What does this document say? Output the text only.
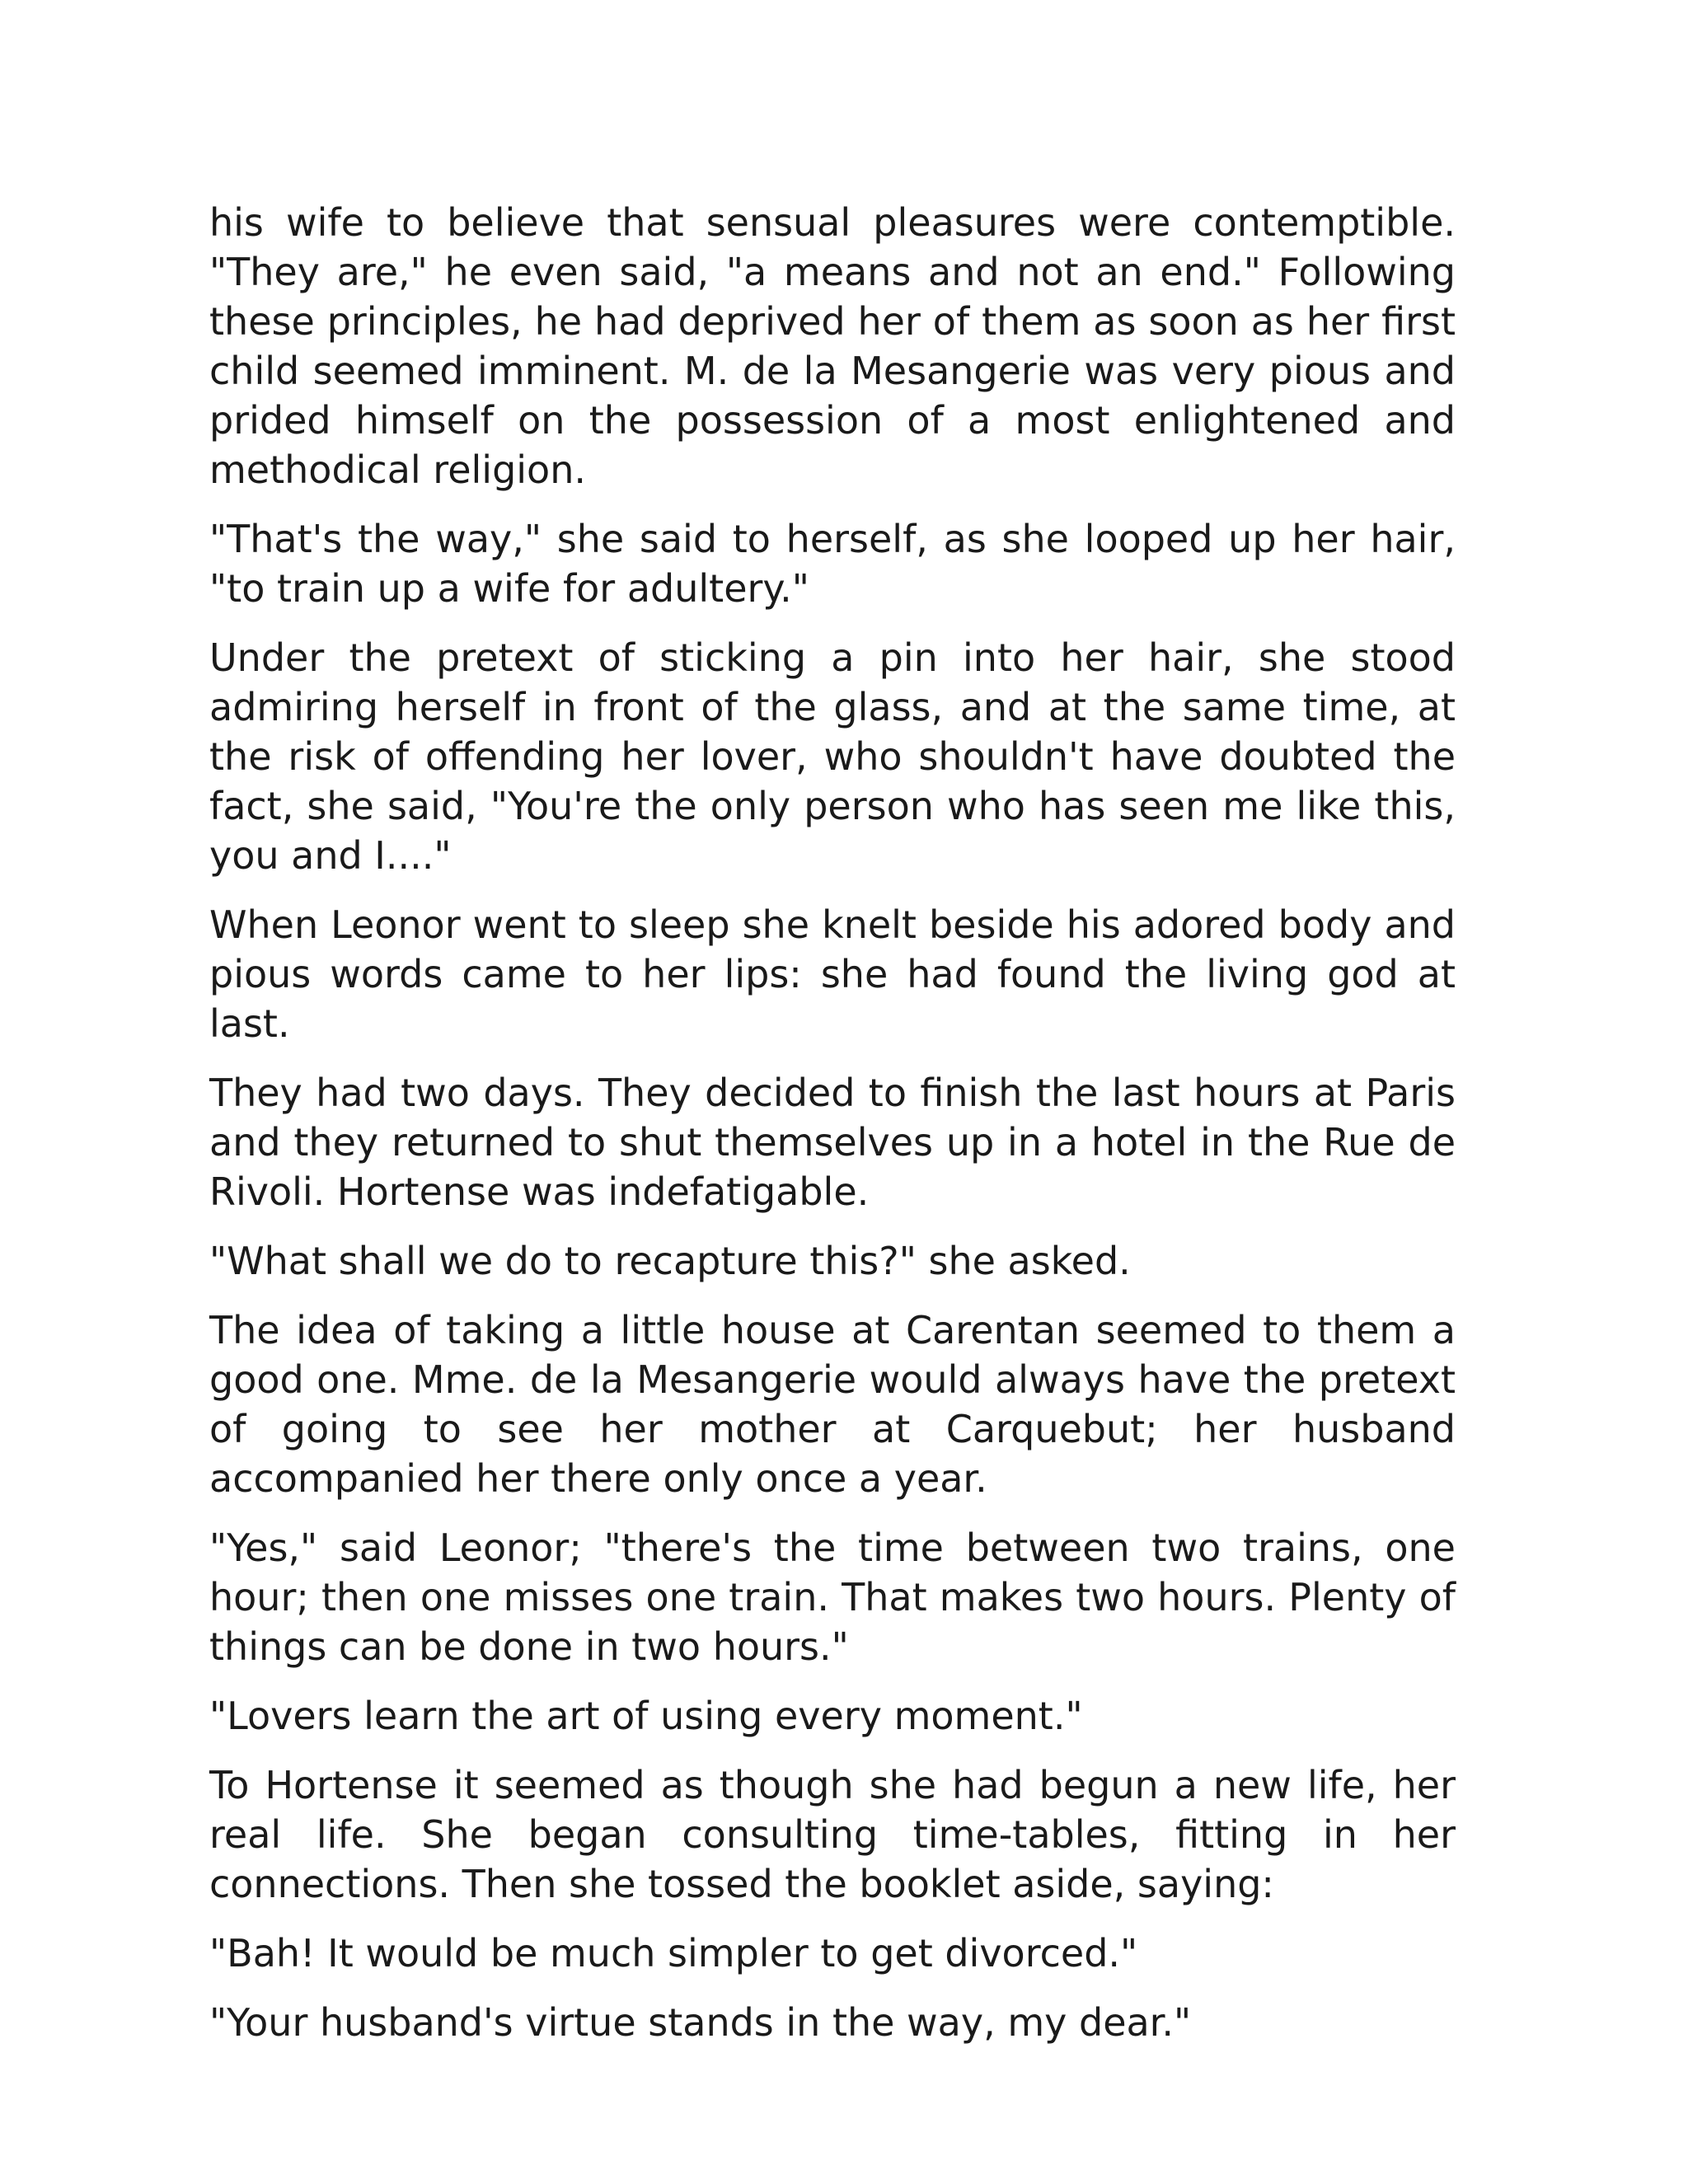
his wife to believe that sensual pleasures were contemptible. "They are," he even said, "a means and not an end." Following these principles, he had deprived her of them as soon as her first child seemed imminent. M. de la Mesangerie was very pious and prided himself on the possession of a most enlightened and methodical religion.

"That's the way," she said to herself, as she looped up her hair, "to train up a wife for adultery."

Under the pretext of sticking a pin into her hair, she stood admiring herself in front of the glass, and at the same time, at the risk of offending her lover, who shouldn't have doubted the fact, she said, "You're the only person who has seen me like this, you and I...."

When Leonor went to sleep she knelt beside his adored body and pious words came to her lips: she had found the living god at last.

They had two days. They decided to finish the last hours at Paris and they returned to shut themselves up in a hotel in the Rue de Rivoli. Hortense was indefatigable.

"What shall we do to recapture this?" she asked.

The idea of taking a little house at Carentan seemed to them a good one. Mme. de la Mesangerie would always have the pretext of going to see her mother at Carquebut; her husband accompanied her there only once a year.

"Yes," said Leonor; "there's the time between two trains, one hour; then one misses one train. That makes two hours. Plenty of things can be done in two hours."

"Lovers learn the art of using every moment."

To Hortense it seemed as though she had begun a new life, her real life. She began consulting time-tables, fitting in her connections. Then she tossed the booklet aside, saying:

"Bah! It would be much simpler to get divorced."

"Your husband's virtue stands in the way, my dear."
